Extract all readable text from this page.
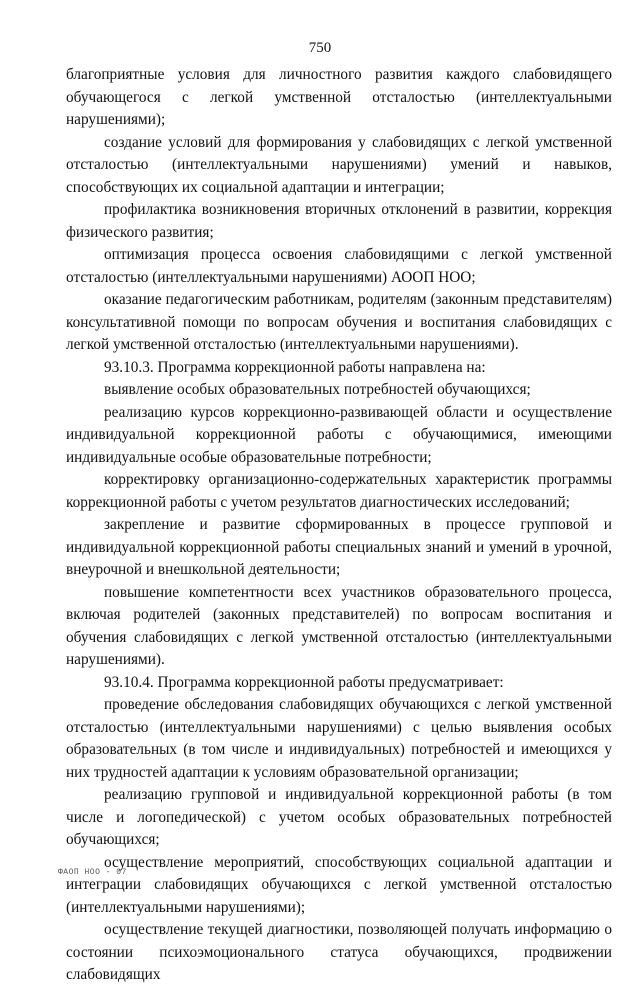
750

благоприятные условия для личностного развития каждого слабовидящего обучающегося с легкой умственной отсталостью (интеллектуальными нарушениями);

создание условий для формирования у слабовидящих с легкой умственной отсталостью (интеллектуальными нарушениями) умений и навыков, способствующих их социальной адаптации и интеграции;

профилактика возникновения вторичных отклонений в развитии, коррекция физического развития;

оптимизация процесса освоения слабовидящими с легкой умственной отсталостью (интеллектуальными нарушениями) АООП НОО;

оказание педагогическим работникам, родителям (законным представителям) консультативной помощи по вопросам обучения и воспитания слабовидящих с легкой умственной отсталостью (интеллектуальными нарушениями).

93.10.3. Программа коррекционной работы направлена на:

выявление особых образовательных потребностей обучающихся;

реализацию курсов коррекционно-развивающей области и осуществление индивидуальной коррекционной работы с обучающимися, имеющими индивидуальные особые образовательные потребности;

корректировку организационно-содержательных характеристик программы коррекционной работы с учетом результатов диагностических исследований;

закрепление и развитие сформированных в процессе групповой и индивидуальной коррекционной работы специальных знаний и умений в урочной, внеурочной и внешкольной деятельности;

повышение компетентности всех участников образовательного процесса, включая родителей (законных представителей) по вопросам воспитания и обучения слабовидящих с легкой умственной отсталостью (интеллектуальными нарушениями).

93.10.4. Программа коррекционной работы предусматривает:

проведение обследования слабовидящих обучающихся с легкой умственной отсталостью (интеллектуальными нарушениями) с целью выявления особых образовательных (в том числе и индивидуальных) потребностей и имеющихся у них трудностей адаптации к условиям образовательной организации;

реализацию групповой и индивидуальной коррекционной работы (в том числе и логопедической) с учетом особых образовательных потребностей обучающихся;

осуществление мероприятий, способствующих социальной адаптации и интеграции слабовидящих обучающихся с легкой умственной отсталостью (интеллектуальными нарушениями);

осуществление текущей диагностики, позволяющей получать информацию о состоянии психоэмоционального статуса обучающихся, продвижении слабовидящих

ФАОП НОО - 07
